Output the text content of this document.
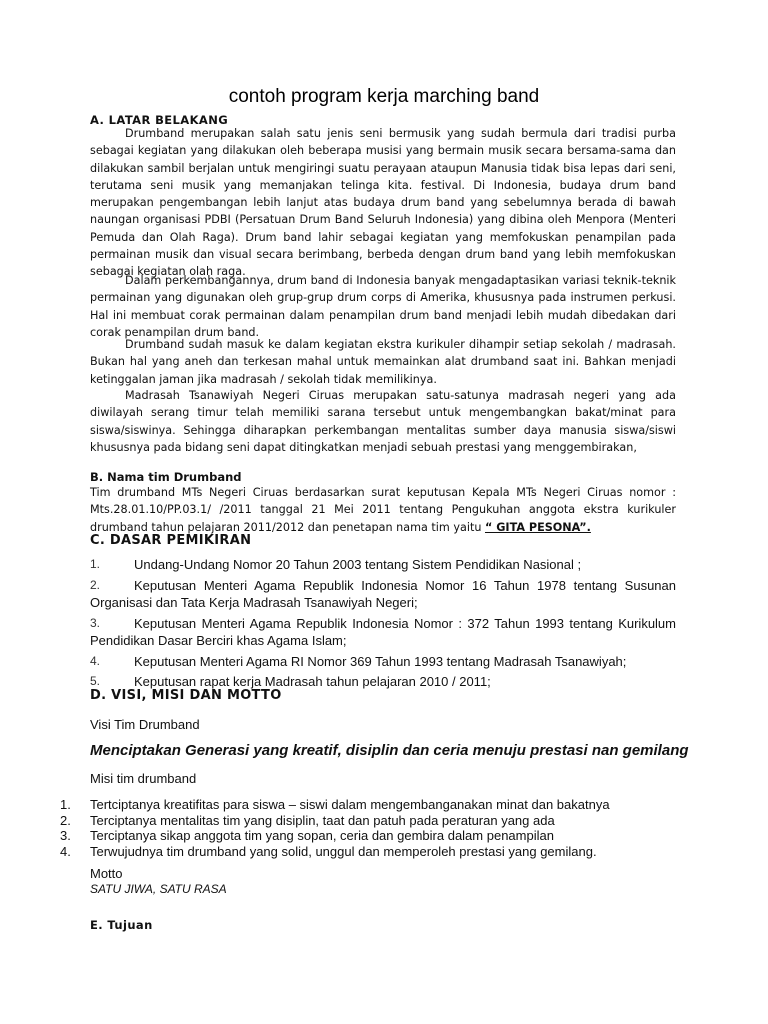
contoh program kerja marching band
A. LATAR BELAKANG

Drumband merupakan salah satu jenis seni bermusik yang sudah bermula dari tradisi purba sebagai kegiatan yang dilakukan oleh beberapa musisi yang bermain musik secara bersama-sama dan dilakukan sambil berjalan untuk mengiringi suatu perayaan ataupun Manusia tidak bisa lepas dari seni, terutama seni musik yang memanjakan telinga kita. festival. Di Indonesia, budaya drum band merupakan pengembangan lebih lanjut atas budaya drum band yang sebelumnya berada di bawah naungan organisasi PDBI (Persatuan Drum Band Seluruh Indonesia) yang dibina oleh Menpora (Menteri Pemuda dan Olah Raga). Drum band lahir sebagai kegiatan yang memfokuskan penampilan pada permainan musik dan visual secara berimbang, berbeda dengan drum band yang lebih memfokuskan sebagai kegiatan olah raga.

Dalam perkembangannya, drum band di Indonesia banyak mengadaptasikan variasi teknik-teknik permainan yang digunakan oleh grup-grup drum corps di Amerika, khususnya pada instrumen perkusi. Hal ini membuat corak permainan dalam penampilan drum band menjadi lebih mudah dibedakan dari corak penampilan drum band.

Drumband sudah masuk ke dalam kegiatan ekstra kurikuler dihampir setiap sekolah / madrasah. Bukan hal yang aneh dan terkesan mahal untuk memainkan alat drumband saat ini. Bahkan menjadi ketinggalan jaman jika madrasah / sekolah tidak memilikinya.

Madrasah Tsanawiyah Negeri Ciruas merupakan satu-satunya madrasah negeri yang ada diwilayah serang timur telah memiliki sarana tersebut untuk mengembangkan bakat/minat para siswa/siswinya. Sehingga diharapkan perkembangan mentalitas sumber daya manusia siswa/siswi khususnya pada bidang seni dapat ditingkatkan menjadi sebuah prestasi yang menggembirakan,

B. Nama tim Drumband

Tim drumband MTs Negeri Ciruas berdasarkan surat keputusan Kepala MTs Negeri Ciruas nomor : Mts.28.01.10/PP.03.1/ /2011 tanggal 21 Mei 2011 tentang Pengukuhan anggota ekstra kurikuler drumband tahun pelajaran 2011/2012 dan penetapan nama tim yaitu “ GITA PESONA”.

C. DASAR PEMIKIRAN
1.	Undang-Undang Nomor 20 Tahun 2003 tentang Sistem Pendidikan Nasional ;
2.	Keputusan Menteri Agama Republik Indonesia Nomor 16 Tahun 1978 tentang Susunan Organisasi dan Tata Kerja Madrasah Tsanawiyah Negeri;
3.	Keputusan Menteri Agama Republik Indonesia Nomor : 372 Tahun 1993 tentang Kurikulum Pendidikan Dasar Berciri khas Agama Islam;
4.	Keputusan Menteri Agama RI Nomor 369 Tahun 1993 tentang Madrasah Tsanawiyah;
5.	Keputusan rapat kerja Madrasah tahun pelajaran 2010 / 2011;
D. VISI, MISI DAN MOTTO
Visi Tim Drumband
Menciptakan Generasi yang kreatif, disiplin dan ceria menuju prestasi nan gemilang
Misi tim drumband
1. Tertciptanya kreatifitas para siswa – siswi dalam mengembanganakan minat dan bakatnya
2. Terciptanya mentalitas tim yang disiplin, taat dan patuh pada peraturan yang ada
3. Terciptanya sikap anggota tim yang sopan, ceria dan gembira dalam penampilan
4. Terwujudnya tim drumband yang solid, unggul dan memperoleh prestasi yang gemilang.
Motto
SATU JIWA, SATU RASA
E. Tujuan
